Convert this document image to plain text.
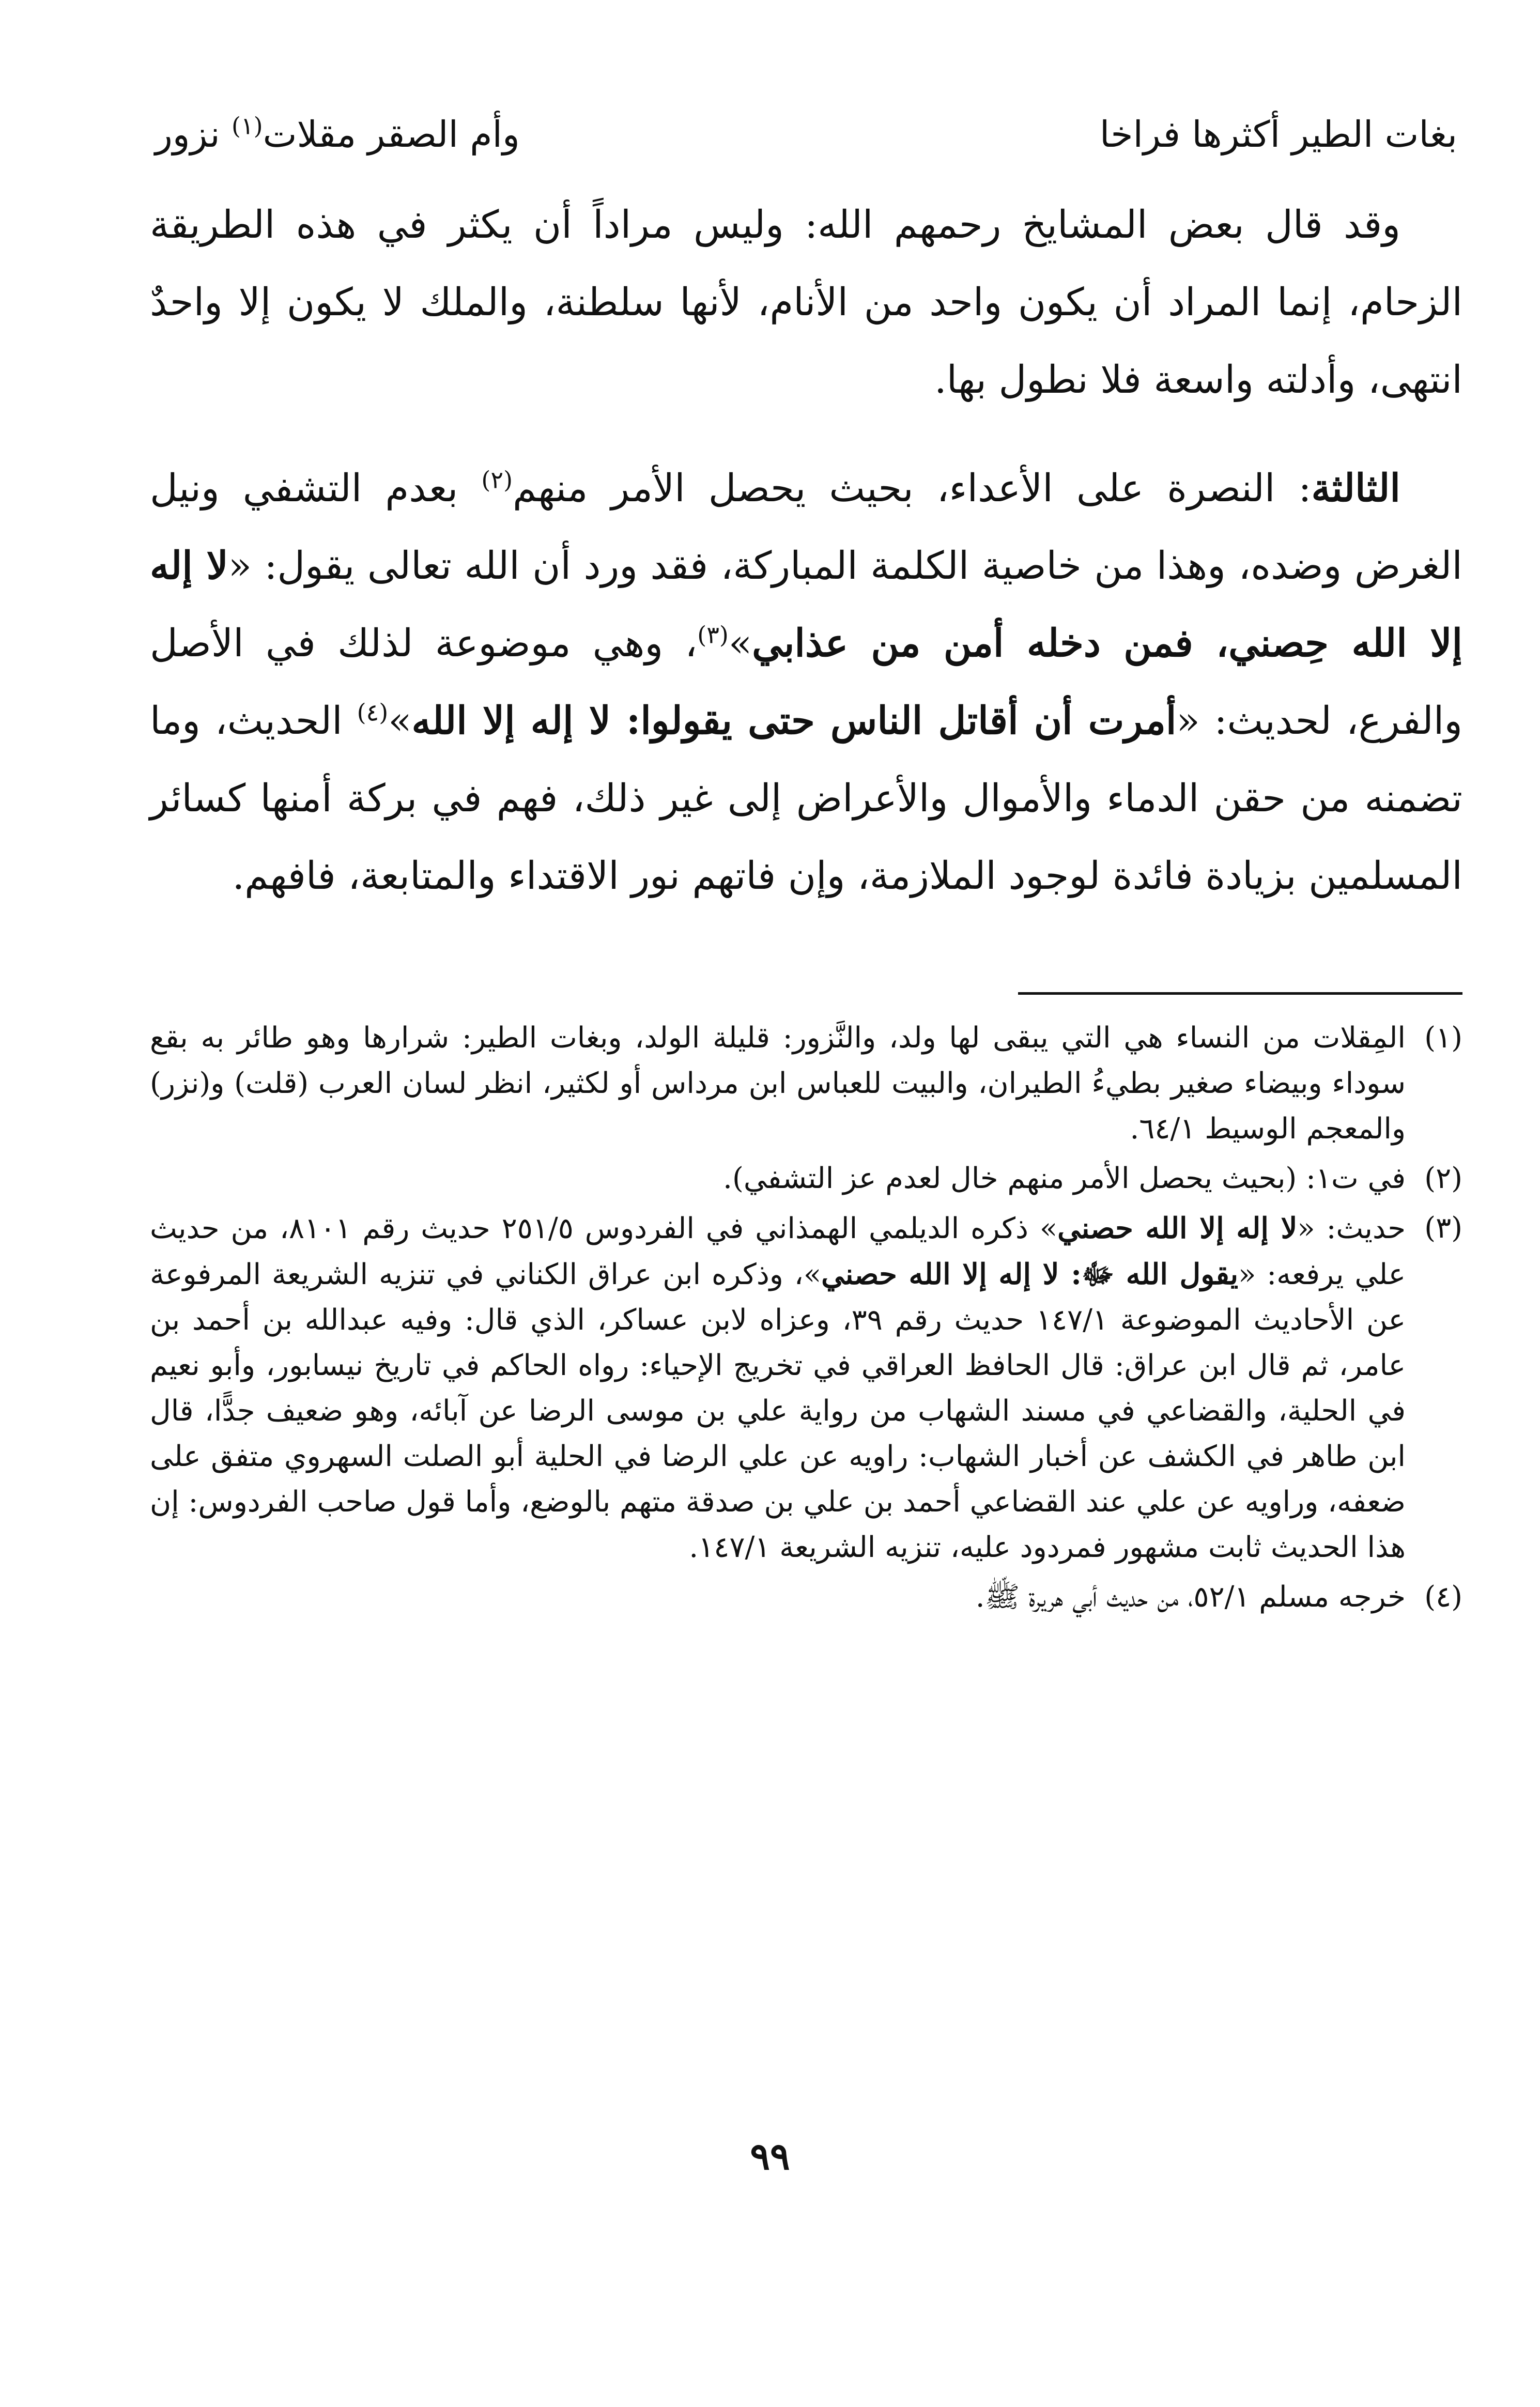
بغات الطير أكثرها فراخا
وأم الصقر مقلات$^{(١)}$ نزور

وقد قال بعض المشايخ رحمهم الله: وليس مراداً أن يكثر في هذه الطريقة الزحام، إنما المراد أن يكون واحد من الأنام، لأنها سلطنة، والملك لا يكون إلا واحدٌ انتهى، وأدلته واسعة فلا نطول بها.

الثالثة: النصرة على الأعداء، بحيث يحصل الأمر منهم$^{(٢)}$ بعدم التشفي ونيل الغرض وضده، وهذا من خاصية الكلمة المباركة، فقد ورد أن الله تعالى يقول: «لا إله إلا الله حِصني، فمن دخله أمن من عذابي»$^{(٣)}$، وهي موضوعة لذلك في الأصل والفرع، لحديث: «أمرت أن أقاتل الناس حتى يقولوا: لا إله إلا الله»$^{(٤)}$ الحديث، وما تضمنه من حقن الدماء والأموال والأعراض إلى غير ذلك، فهم في بركة أمنها كسائر المسلمين بزيادة فائدة لوجود الملازمة، وإن فاتهم نور الاقتداء والمتابعة، فافهم.

(١)
المِقلات من النساء هي التي يبقى لها ولد، والنَّزور: قليلة الولد، وبغات الطير: شرارها وهو طائر به بقع سوداء وبيضاء صغير بطيءُ الطيران، والبيت للعباس ابن مرداس أو لكثير، انظر لسان العرب (قلت) و(نزر) والمعجم الوسيط ٦٤/١.
(٢)
في ت١: (بحيث يحصل الأمر منهم خال لعدم عز التشفي).
(٣)
حديث: «لا إله إلا الله حصني» ذكره الديلمي الهمذاني في الفردوس ٢٥١/٥ حديث رقم ٨١٠١، من حديث علي يرفعه: «يقول الله ﷻ: لا إله إلا الله حصني»، وذكره ابن عراق الكناني في تنزيه الشريعة المرفوعة عن الأحاديث الموضوعة ١٤٧/١ حديث رقم ٣٩، وعزاه لابن عساكر، الذي قال: وفيه عبدالله بن أحمد بن عامر، ثم قال ابن عراق: قال الحافظ العراقي في تخريج الإحياء: رواه الحاكم في تاريخ نيسابور، وأبو نعيم في الحلية، والقضاعي في مسند الشهاب من رواية علي بن موسى الرضا عن آبائه، وهو ضعيف جدًّا، قال ابن طاهر في الكشف عن أخبار الشهاب: راويه عن علي الرضا في الحلية أبو الصلت السهروي متفق على ضعفه، وراويه عن علي عند القضاعي أحمد بن علي بن صدقة متهم بالوضع، وأما قول صاحب الفردوس: إن هذا الحديث ثابت مشهور فمردود عليه، تنزيه الشريعة ١٤٧/١.
(٤)
خرجه مسلم ٥٢/١، من حديث أبي هريرة ﷺ.
٩٩
